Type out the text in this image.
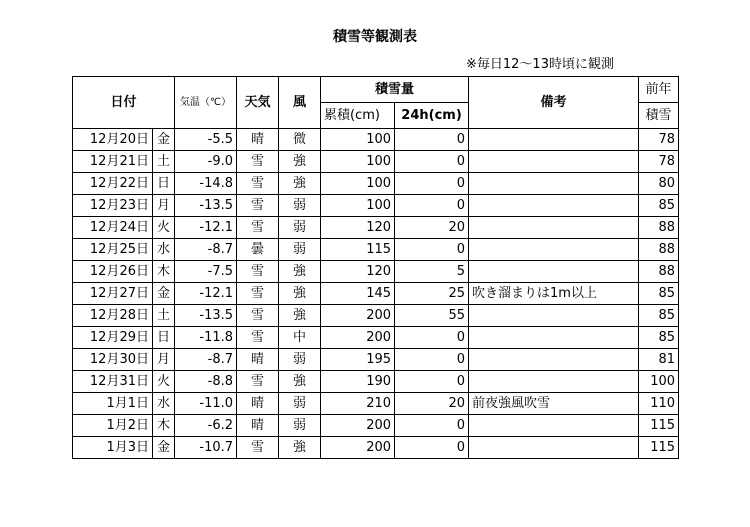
積雪等観測表
※毎日12～13時頃に観測
日付		気温（℃）	天気	風	積雪量		備考	前年
					累積(cm)	24h(cm)		積雪
12月20日	金	-5.5	晴	微	100	0		78
12月21日	土	-9.0	雪	強	100	0		78
12月22日	日	-14.8	雪	強	100	0		80
12月23日	月	-13.5	雪	弱	100	0		85
12月24日	火	-12.1	雪	弱	120	20		88
12月25日	水	-8.7	曇	弱	115	0		88
12月26日	木	-7.5	雪	強	120	5		88
12月27日	金	-12.1	雪	強	145	25	吹き溜まりは1m以上	85
12月28日	土	-13.5	雪	強	200	55		85
12月29日	日	-11.8	雪	中	200	0		85
12月30日	月	-8.7	晴	弱	195	0		81
12月31日	火	-8.8	雪	強	190	0		100
1月1日	水	-11.0	晴	弱	210	20	前夜強風吹雪	110
1月2日	木	-6.2	晴	弱	200	0		115
1月3日	金	-10.7	雪	強	200	0		115
